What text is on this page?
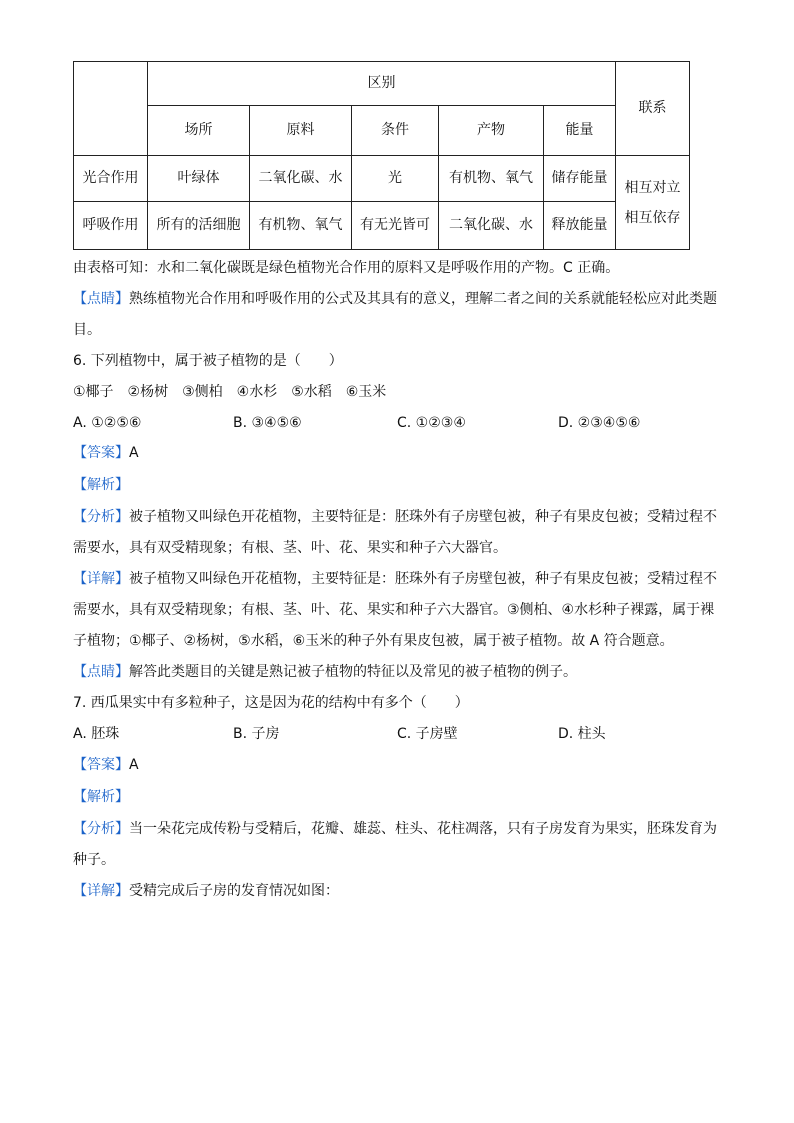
	区别					联系
	场所	原料	条件	产物	能量	
光合作用	叶绿体	二氧化碳、水	光	有机物、氧气	储存能量	相互对立
相互依存

呼吸作用	所有的活细胞	有机物、氧气	有无光皆可	二氧化碳、水	释放能量	
由表格可知：水和二氧化碳既是绿色植物光合作用的原料又是呼吸作用的产物。C 正确。
【点睛】熟练植物光合作用和呼吸作用的公式及其具有的意义，理解二者之间的关系就能轻松应对此类题
目。
6. 下列植物中，属于被子植物的是（　　）
①椰子　②杨树　③侧柏　④水杉　⑤水稻　⑥玉米
A. ①②⑤⑥	B. ③④⑤⑥	C. ①②③④	D. ②③④⑤⑥
【答案】A
【解析】
【分析】被子植物又叫绿色开花植物，主要特征是：胚珠外有子房壁包被，种子有果皮包被；受精过程不
需要水，具有双受精现象；有根、茎、叶、花、果实和种子六大器官。
【详解】被子植物又叫绿色开花植物，主要特征是：胚珠外有子房壁包被，种子有果皮包被；受精过程不
需要水，具有双受精现象；有根、茎、叶、花、果实和种子六大器官。③侧柏、④水杉种子裸露，属于裸
子植物；①椰子、②杨树，⑤水稻，⑥玉米的种子外有果皮包被，属于被子植物。故 A 符合题意。
【点睛】解答此类题目的关键是熟记被子植物的特征以及常见的被子植物的例子。
7. 西瓜果实中有多粒种子，这是因为花的结构中有多个（　　）
A. 胚珠	B. 子房	C. 子房壁	D. 柱头
【答案】A
【解析】
【分析】当一朵花完成传粉与受精后，花瓣、雄蕊、柱头、花柱凋落，只有子房发育为果实，胚珠发育为
种子。
【详解】受精完成后子房的发育情况如图：
